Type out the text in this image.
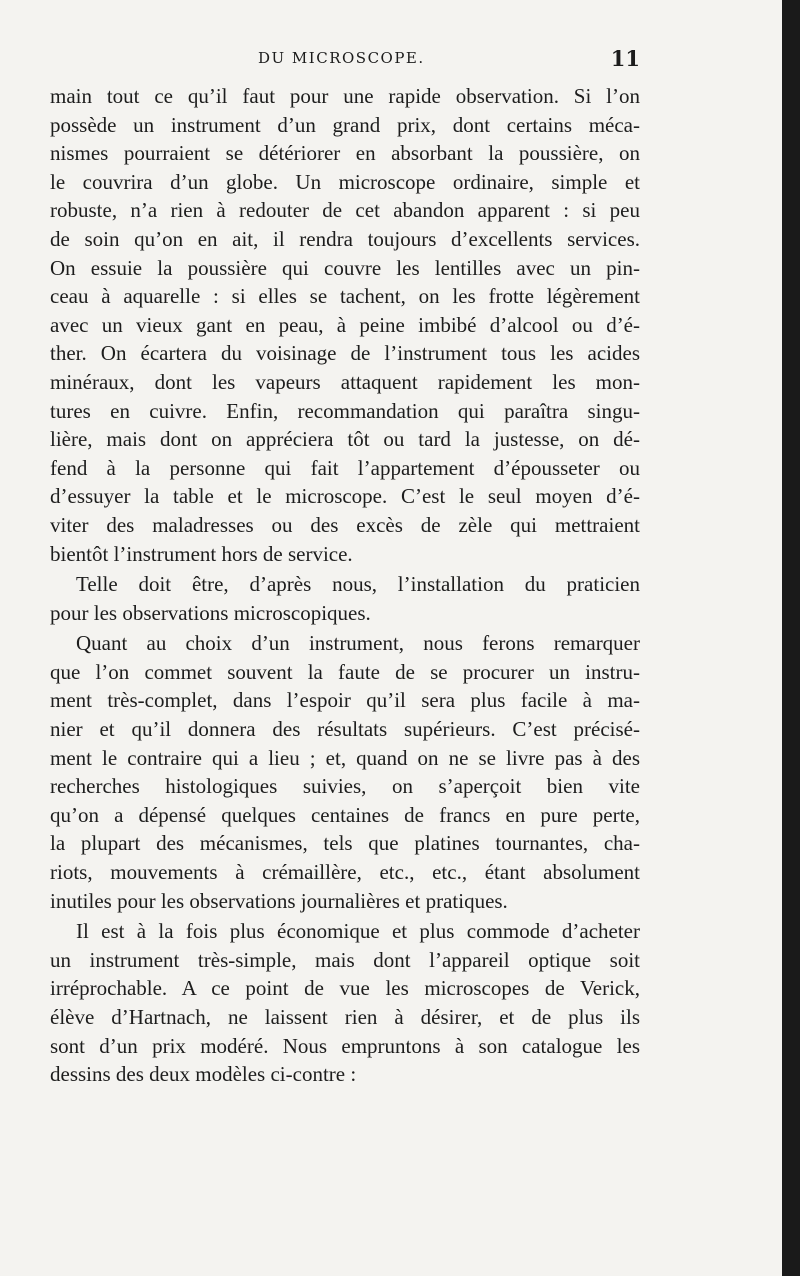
DU MICROSCOPE.	11
main tout ce qu’il faut pour une rapide observation. Si l’on
possède un instrument d’un grand prix, dont certains méca-
nismes pourraient se détériorer en absorbant la poussière, on
le couvrira d’un globe. Un microscope ordinaire, simple et
robuste, n’a rien à redouter de cet abandon apparent : si peu
de soin qu’on en ait, il rendra toujours d’excellents services.
On essuie la poussière qui couvre les lentilles avec un pin-
ceau à aquarelle : si elles se tachent, on les frotte légèrement
avec un vieux gant en peau, à peine imbibé d’alcool ou d’é-
ther. On écartera du voisinage de l’instrument tous les acides
minéraux, dont les vapeurs attaquent rapidement les mon-
tures en cuivre. Enfin, recommandation qui paraîtra singu-
lière, mais dont on appréciera tôt ou tard la justesse, on dé-
fend à la personne qui fait l’appartement d’épousseter ou
d’essuyer la table et le microscope. C’est le seul moyen d’é-
viter des maladresses ou des excès de zèle qui mettraient
bientôt l’instrument hors de service.
Telle doit être, d’après nous, l’installation du praticien
pour les observations microscopiques.
Quant au choix d’un instrument, nous ferons remarquer
que l’on commet souvent la faute de se procurer un instru-
ment très-complet, dans l’espoir qu’il sera plus facile à ma-
nier et qu’il donnera des résultats supérieurs. C’est précisé-
ment le contraire qui a lieu ; et, quand on ne se livre pas à des
recherches histologiques suivies, on s’aperçoit bien vite
qu’on a dépensé quelques centaines de francs en pure perte,
la plupart des mécanismes, tels que platines tournantes, cha-
riots, mouvements à crémaillère, etc., etc., étant absolument
inutiles pour les observations journalières et pratiques.
Il est à la fois plus économique et plus commode d’acheter
un instrument très-simple, mais dont l’appareil optique soit
irréprochable. A ce point de vue les microscopes de Verick,
élève d’Hartnach, ne laissent rien à désirer, et de plus ils
sont d’un prix modéré. Nous empruntons à son catalogue les
dessins des deux modèles ci-contre :
